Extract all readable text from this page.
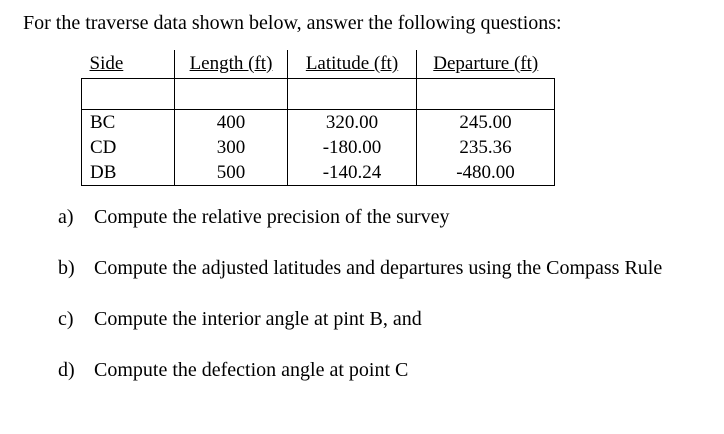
For the traverse data shown below, answer the following questions:
Side	Length (ft)	Latitude (ft)	Departure (ft)

BC	400	320.00	245.00
CD	300	-180.00	235.36
DB	500	-140.24	-480.00
a) Compute the relative precision of the survey
b) Compute the adjusted latitudes and departures using the Compass Rule
c) Compute the interior angle at pint B, and
d) Compute the defection angle at point C
